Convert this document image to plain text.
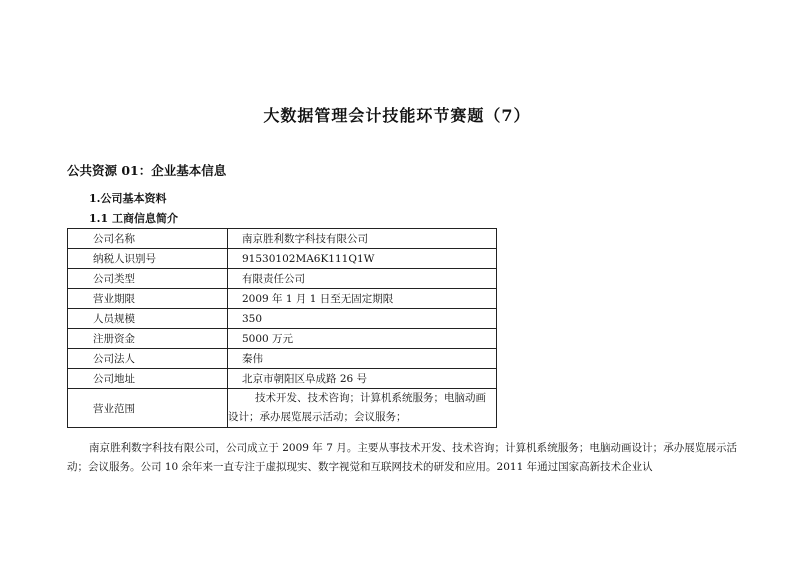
大数据管理会计技能环节赛题（7）
公共资源 01：企业基本信息
1.公司基本资料
1.1 工商信息简介
公司名称	南京胜利数字科技有限公司
纳税人识别号	91530102MA6K111Q1W
公司类型	有限责任公司
营业期限	2009 年 1 月 1 日至无固定期限
人员规模	350
注册资金	5000 万元
公司法人	秦伟
公司地址	北京市朝阳区阜成路 26 号
营业范围	技术开发、技术咨询；计算机系统服务；电脑动画
设计；承办展览展示活动；会议服务；
南京胜利数字科技有限公司，公司成立于 2009 年 7 月。主要从事技术开发、技术咨询；计算机系统服务；电脑动画设计；承办展览展示活动；会议服务。公司 10 余年来一直专注于虚拟现实、数字视觉和互联网技术的研发和应用。2011 年通过国家高新技术企业认
